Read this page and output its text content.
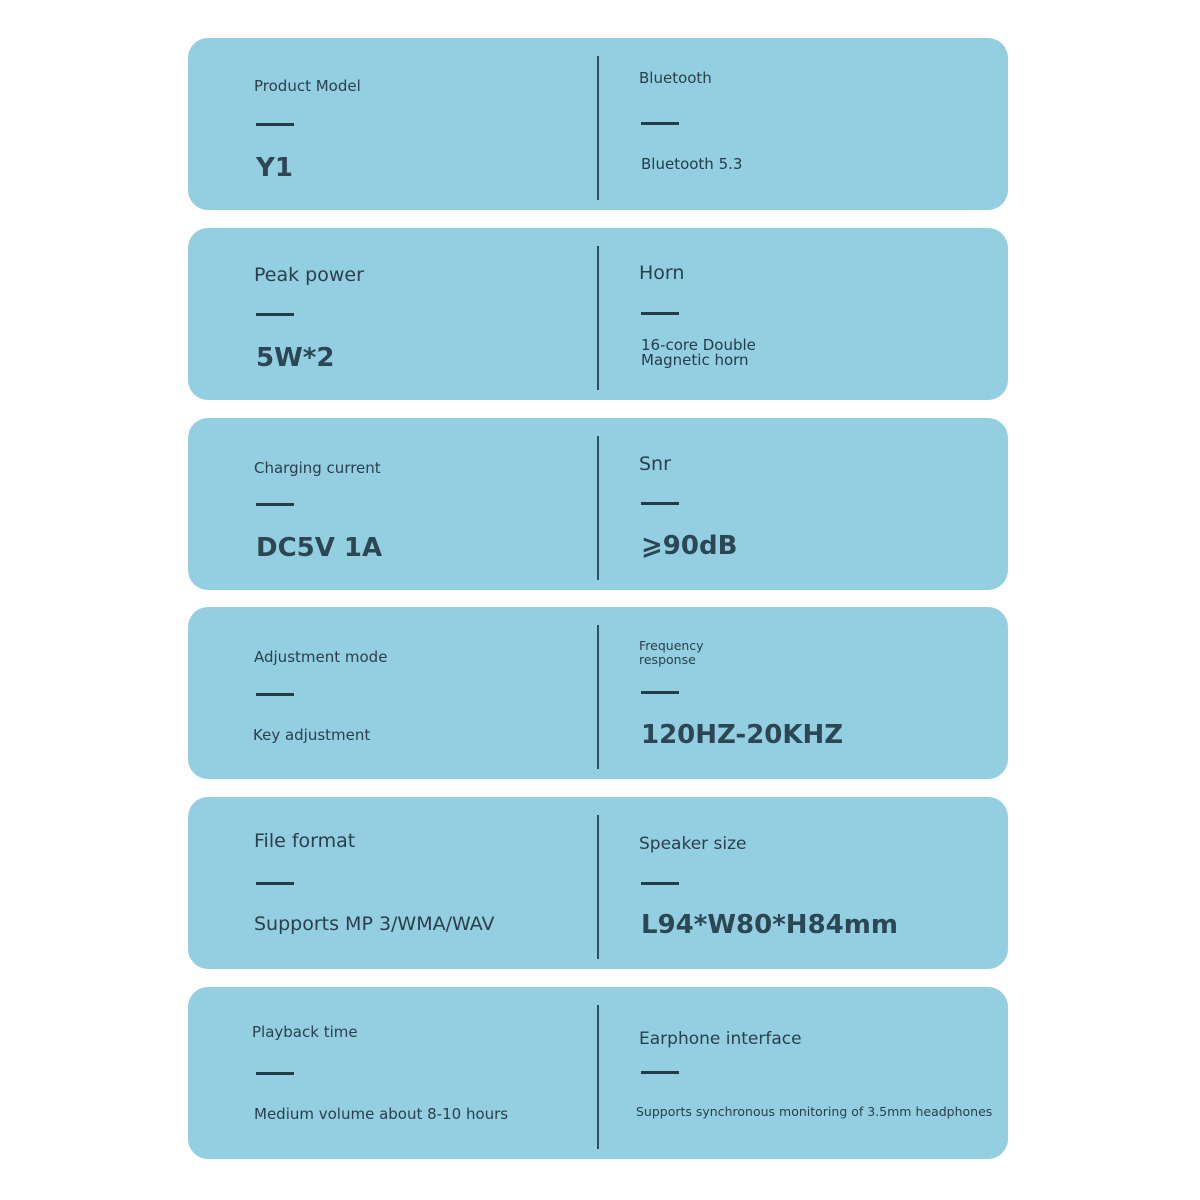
Product Model
Y1
Bluetooth
Bluetooth 5.3
Peak power
5W*2
Horn
16-core Double
Magnetic horn
Charging current
DC5V 1A
Snr
⩾90dB
Adjustment mode
Key adjustment
Frequency
response
120HZ-20KHZ
File format
Supports MP 3/WMA/WAV
Speaker size
L94*W80*H84mm
Playback time
Medium volume about 8-10 hours
Earphone interface
Supports synchronous monitoring of 3.5mm headphones
